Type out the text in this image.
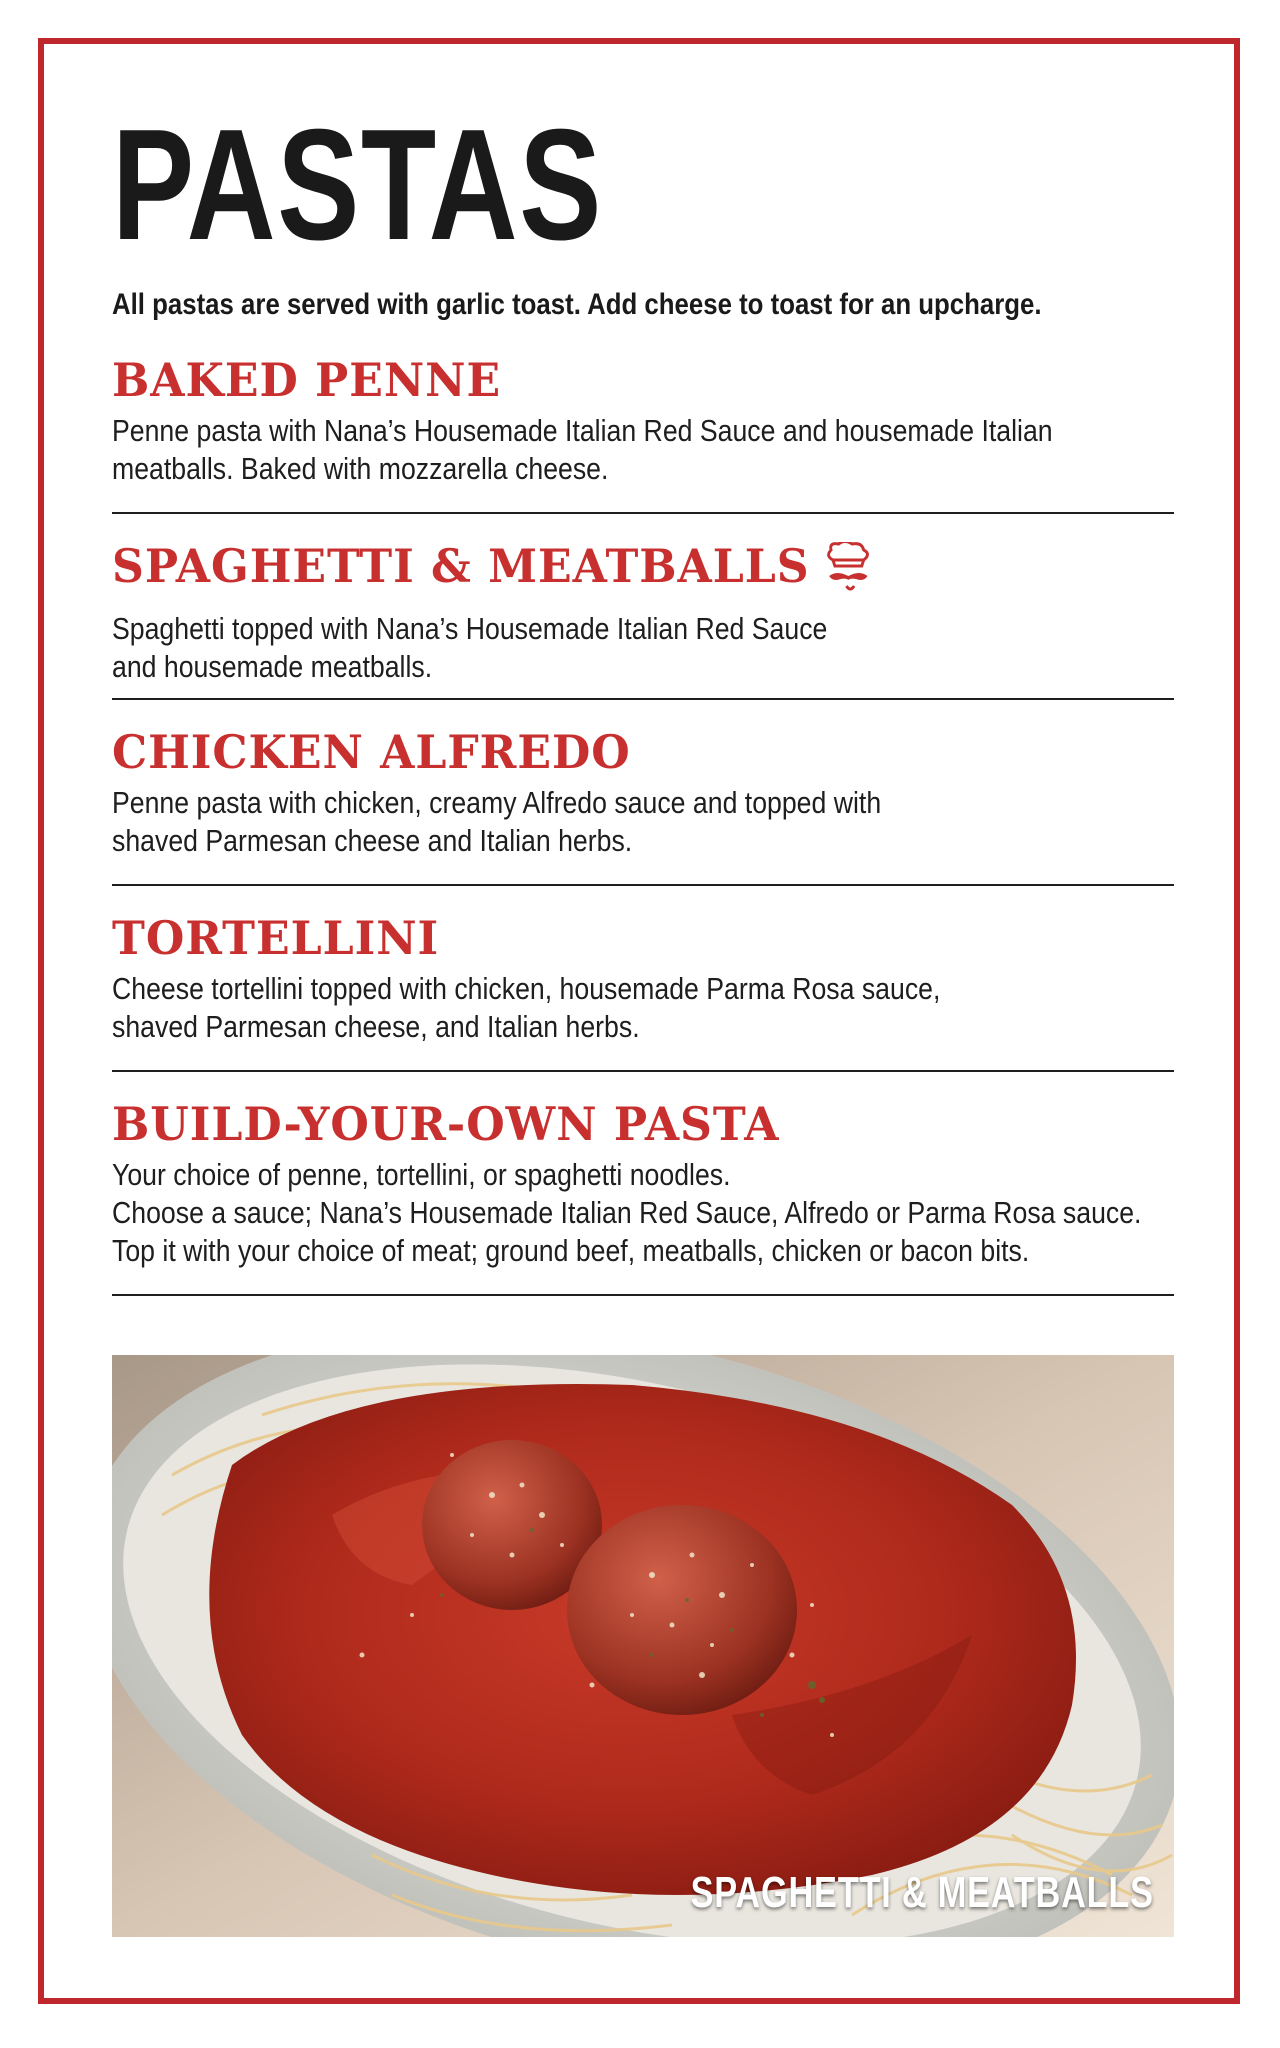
PASTAS

All pastas are served with garlic toast. Add cheese to toast for an upcharge.

BAKED PENNE

Penne pasta with Nana’s Housemade Italian Red Sauce and housemade Italian
meatballs. Baked with mozzarella cheese.

SPAGHETTI & MEATBALLS

Spaghetti topped with Nana’s Housemade Italian Red Sauce
and housemade meatballs.

CHICKEN ALFREDO

Penne pasta with chicken, creamy Alfredo sauce and topped with
shaved Parmesan cheese and Italian herbs.

TORTELLINI

Cheese tortellini topped with chicken, housemade Parma Rosa sauce,
shaved Parmesan cheese, and Italian herbs.

BUILD-YOUR-OWN PASTA

Your choice of penne, tortellini, or spaghetti noodles.
Choose a sauce; Nana’s Housemade Italian Red Sauce, Alfredo or Parma Rosa sauce.
Top it with your choice of meat; ground beef, meatballs, chicken or bacon bits.

SPAGHETTI & MEATBALLS
